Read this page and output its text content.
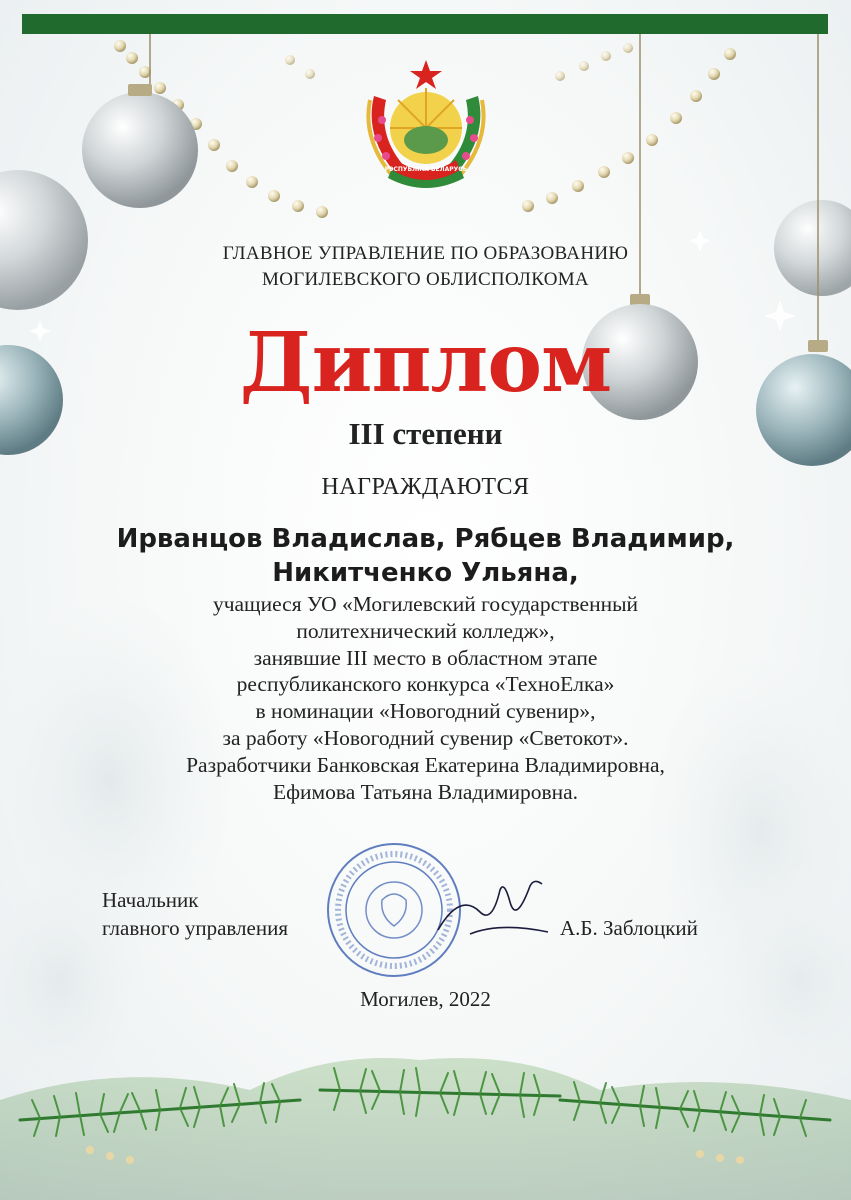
РЭСПУБЛІКА БЕЛАРУСЬ
ГЛАВНОЕ УПРАВЛЕНИЕ ПО ОБРАЗОВАНИЮ
МОГИЛЕВСКОГО ОБЛИСПОЛКОМА
Диплом
III степени
НАГРАЖДАЮТСЯ
Ирванцов Владислав, Рябцев Владимир,
Никитченко Ульяна,
учащиеся УО «Могилевский государственный
политехнический колледж»,
занявшие III место в областном этапе
республиканского конкурса «ТехноЕлка»
в номинации «Новогодний сувенир»,
за работу «Новогодний сувенир «Светокот».
Разработчики Банковская Екатерина Владимировна,
Ефимова Татьяна Владимировна.
Начальник
главного управления	А.Б. Заблоцкий
Могилев, 2022
